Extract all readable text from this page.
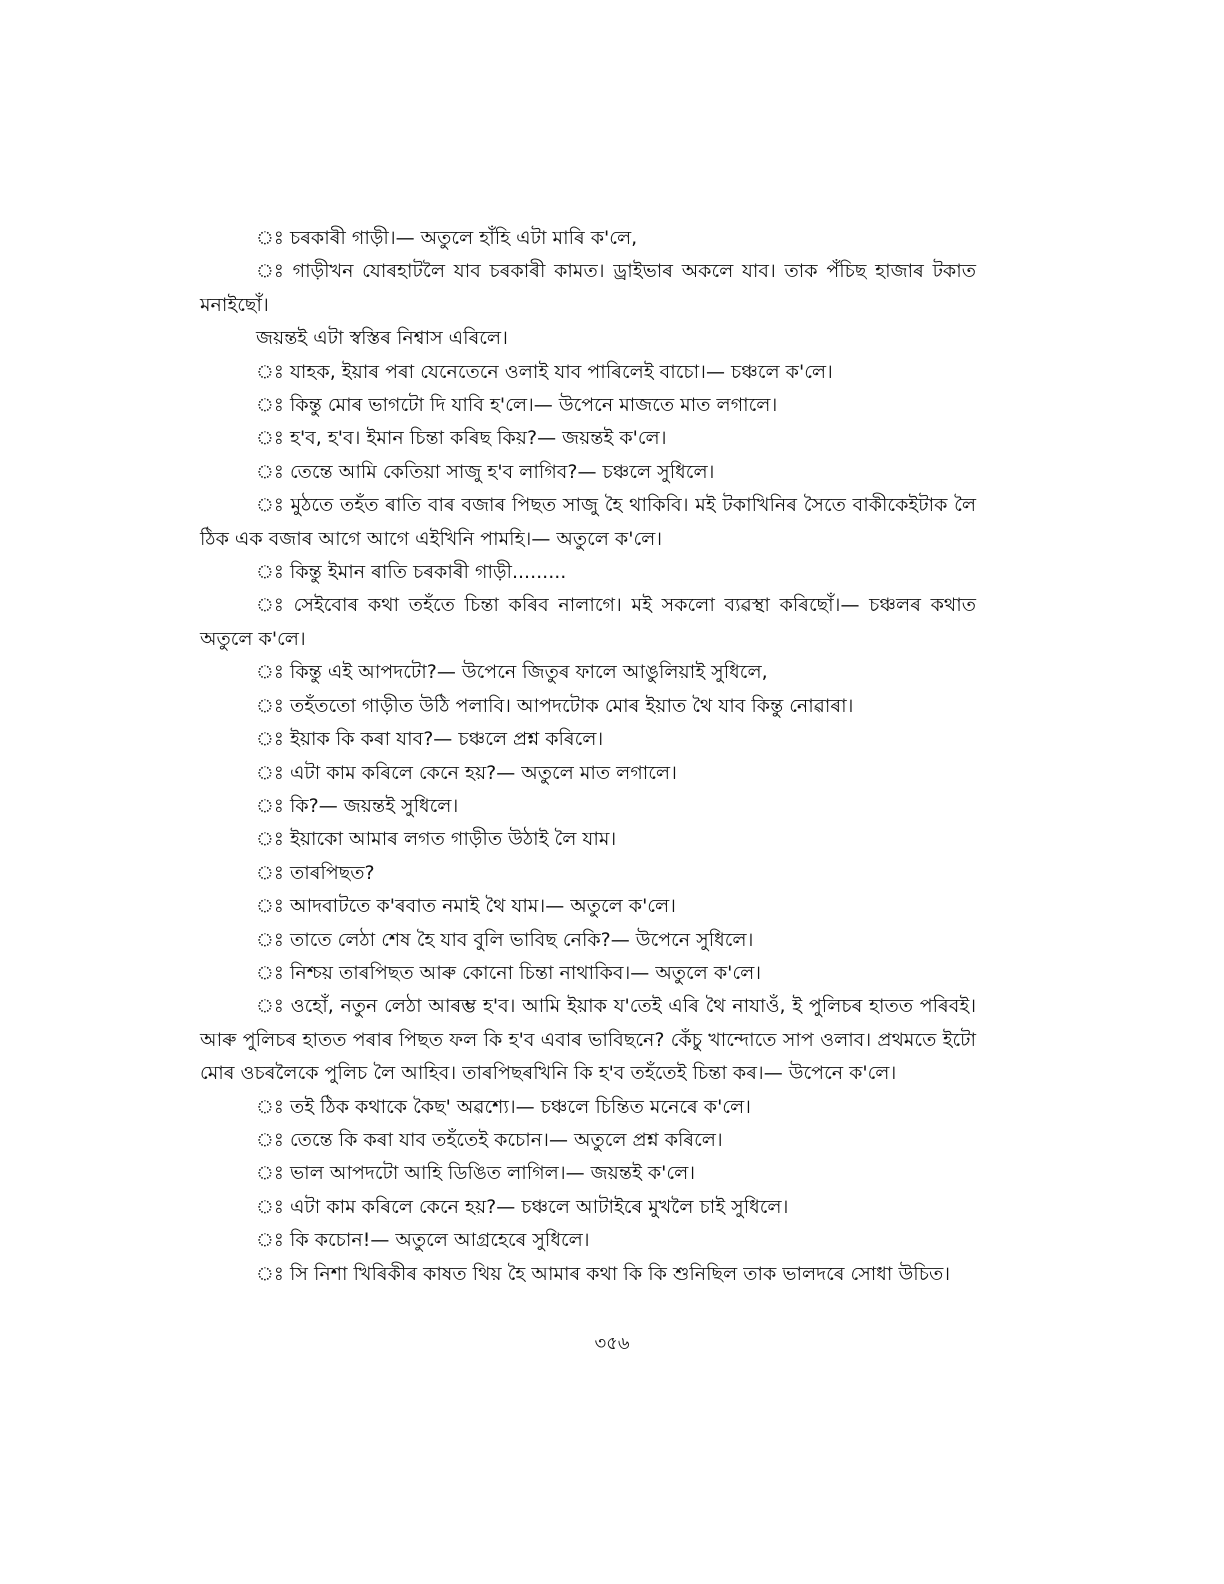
ঃ চৰকাৰী গাড়ী।— অতুলে হাঁহি এটা মাৰি ক'লে,

ঃ গাড়ীখন যোৰহাটলৈ যাব চৰকাৰী কামত। ড্ৰাইভাৰ অকলে যাব। তাক পঁচিছ হাজাৰ টকাত মনাইছোঁ।

জয়ন্তই এটা স্বস্তিৰ নিশ্বাস এৰিলে।

ঃ যাহক, ইয়াৰ পৰা যেনেতেনে ওলাই যাব পাৰিলেই বাচো।— চঞ্চলে ক'লে।

ঃ কিন্তু মোৰ ভাগটো দি যাবি হ'লে।— উপেনে মাজতে মাত লগালে।

ঃ হ'ব, হ'ব। ইমান চিন্তা কৰিছ কিয়?— জয়ন্তই ক'লে।

ঃ তেন্তে আমি কেতিয়া সাজু হ'ব লাগিব?— চঞ্চলে সুধিলে।

ঃ মুঠতে তহঁত ৰাতি বাৰ বজাৰ পিছত সাজু হৈ থাকিবি। মই টকাখিনিৰ সৈতে বাকীকেইটাক লৈ ঠিক এক বজাৰ আগে আগে এইখিনি পামহি।— অতুলে ক'লে।

ঃ কিন্তু ইমান ৰাতি চৰকাৰী গাড়ী.........

ঃ সেইবোৰ কথা তহঁতে চিন্তা কৰিব নালাগে। মই সকলো ব্যৱস্থা কৰিছোঁ।— চঞ্চলৰ কথাত অতুলে ক'লে।

ঃ কিন্তু এই আপদটো?— উপেনে জিতুৰ ফালে আঙুলিয়াই সুধিলে,

ঃ তহঁততো গাড়ীত উঠি পলাবি। আপদটোক মোৰ ইয়াত থৈ যাব কিন্তু নোৱাৰা।

ঃ ইয়াক কি কৰা যাব?— চঞ্চলে প্ৰশ্ন কৰিলে।

ঃ এটা কাম কৰিলে কেনে হয়?— অতুলে মাত লগালে।

ঃ কি?— জয়ন্তই সুধিলে।

ঃ ইয়াকো আমাৰ লগত গাড়ীত উঠাই লৈ যাম।

ঃ তাৰপিছত?

ঃ আদবাটতে ক'ৰবাত নমাই থৈ যাম।— অতুলে ক'লে।

ঃ তাতে লেঠা শেষ হৈ যাব বুলি ভাবিছ নেকি?— উপেনে সুধিলে।

ঃ নিশ্চয় তাৰপিছত আৰু কোনো চিন্তা নাথাকিব।— অতুলে ক'লে।

ঃ ওহোঁ, নতুন লেঠা আৰম্ভ হ'ব। আমি ইয়াক য'তেই এৰি থৈ নাযাওঁ, ই পুলিচৰ হাতত পৰিবই। আৰু পুলিচৰ হাতত পৰাৰ পিছত ফল কি হ'ব এবাৰ ভাবিছনে? কেঁচু খান্দোতে সাপ ওলাব। প্ৰথমতে ইটো মোৰ ওচৰলৈকে পুলিচ লৈ আহিব। তাৰপিছৰখিনি কি হ'ব তহঁতেই চিন্তা কৰ।— উপেনে ক'লে।

ঃ তই ঠিক কথাকে কৈছ' অৱশ্যে।— চঞ্চলে চিন্তিত মনেৰে ক'লে।

ঃ তেন্তে কি কৰা যাব তহঁতেই কচোন।— অতুলে প্ৰশ্ন কৰিলে।

ঃ ভাল আপদটো আহি ডিঙিত লাগিল।— জয়ন্তই ক'লে।

ঃ এটা কাম কৰিলে কেনে হয়?— চঞ্চলে আটাইৰে মুখলৈ চাই সুধিলে।

ঃ কি কচোন!— অতুলে আগ্ৰহেৰে সুধিলে।

ঃ সি নিশা খিৰিকীৰ কাষত থিয় হৈ আমাৰ কথা কি কি শুনিছিল তাক ভালদৰে সোধা উচিত।

৩৫৬
